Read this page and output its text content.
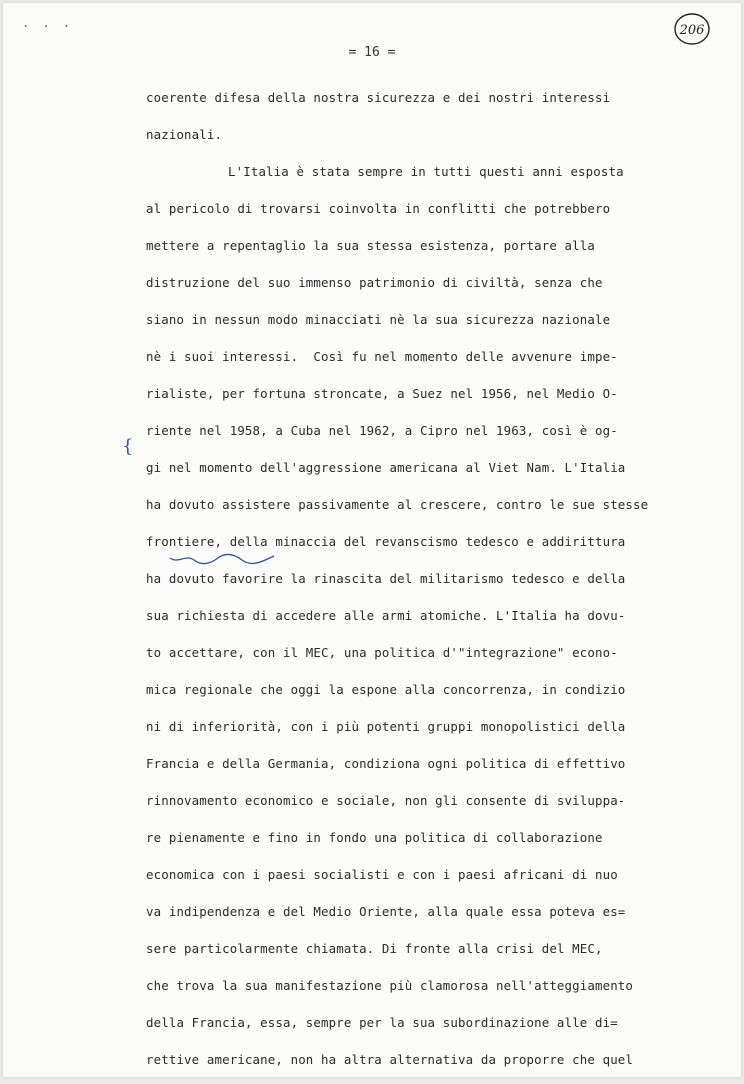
. . .	206
= 16 =
{
coerente difesa della nostra sicurezza e dei nostri interessi
nazionali.
L'Italia è stata sempre in tutti questi anni esposta
al pericolo di trovarsi coinvolta in conflitti che potrebbero
mettere a repentaglio la sua stessa esistenza, portare alla
distruzione del suo immenso patrimonio di civiltà, senza che
siano in nessun modo minacciati nè la sua sicurezza nazionale
nè i suoi interessi.  Così fu nel momento delle avvenure impe-
rialiste, per fortuna stroncate, a Suez nel 1956, nel Medio O-
riente nel 1958, a Cuba nel 1962, a Cipro nel 1963, così è og-
gi nel momento dell'aggressione americana al Viet Nam. L'Italia
ha dovuto assistere passivamente al crescere, contro le sue stesse
frontiere, della minaccia del revanscismo tedesco e addirittura
ha dovuto favorire la rinascita del militarismo tedesco e della
sua richiesta di accedere alle armi atomiche. L'Italia ha dovu-
to accettare, con il MEC, una politica d'"integrazione" econo-
mica regionale che oggi la espone alla concorrenza, in condizio
ni di inferiorità, con i più potenti gruppi monopolistici della
Francia e della Germania, condiziona ogni politica di effettivo
rinnovamento economico e sociale, non gli consente di sviluppa-
re pienamente e fino in fondo una politica di collaborazione
economica con i paesi socialisti e con i paesi africani di nuo
va indipendenza e del Medio Oriente, alla quale essa poteva es=
sere particolarmente chiamata. Di fronte alla crisi del MEC,
che trova la sua manifestazione più clamorosa nell'atteggiamento
della Francia, essa, sempre per la sua subordinazione alle di=
rettive americane, non ha altra alternativa da proporre che quel
